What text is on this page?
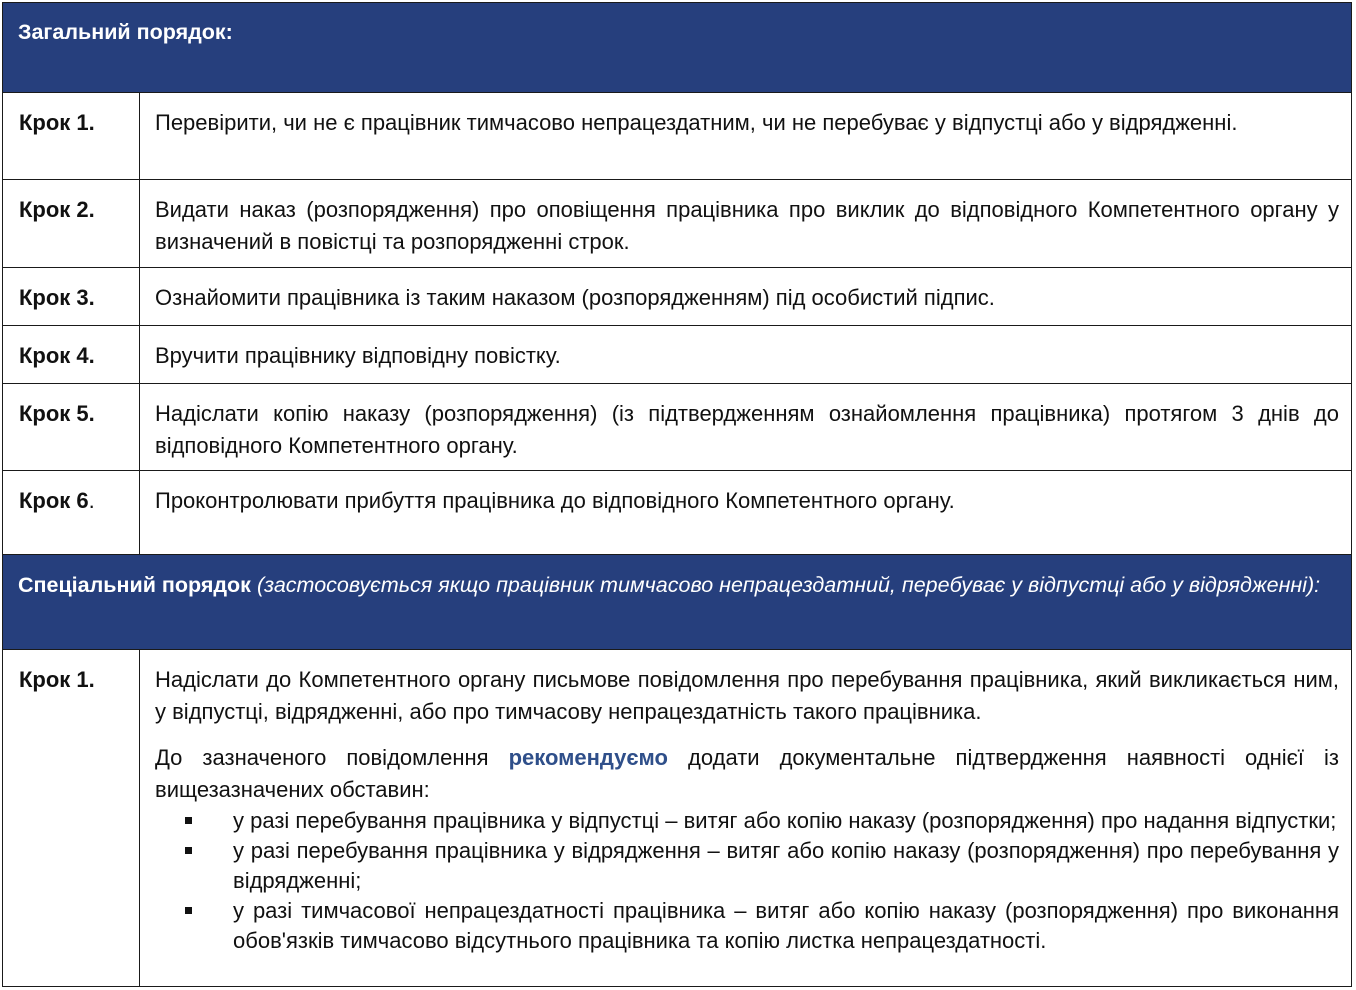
Загальний порядок:
Крок 1.	Перевірити, чи не є працівник тимчасово непрацездатним, чи не перебуває у відпустці або у відрядженні.
Крок 2.	Видати наказ (розпорядження) про оповіщення працівника про виклик до відповідного Компетентного органу у визначений в повістці та розпорядженні строк.
Крок 3.	Ознайомити працівника із таким наказом (розпорядженням) під особистий підпис.
Крок 4.	Вручити працівнику відповідну повістку.
Крок 5.	Надіслати копію наказу (розпорядження) (із підтвердженням ознайомлення працівника) протягом 3 днів до відповідного Компетентного органу.
Крок 6.	Проконтролювати прибуття працівника до відповідного Компетентного органу.
Спеціальний порядок (застосовується якщо працівник тимчасово непрацездатний, перебуває у відпустці або у відрядженні):
Крок 1.	Надіслати до Компетентного органу письмове повідомлення про перебування працівника, який викликається ним, у відпустці, відрядженні, або про тимчасову непрацездатність такого працівника.
До зазначеного повідомлення рекомендуємо додати документальне підтвердження наявності однієї із вищезазначених обставин:
у разі перебування працівника у відпустці – витяг або копію наказу (розпорядження) про надання відпустки;
у разі перебування працівника у відрядження – витяг або копію наказу (розпорядження) про перебування у відрядженні;
у разі тимчасової непрацездатності працівника – витяг або копію наказу (розпорядження) про виконання обов'язків тимчасово відсутнього працівника та копію листка непрацездатності.
